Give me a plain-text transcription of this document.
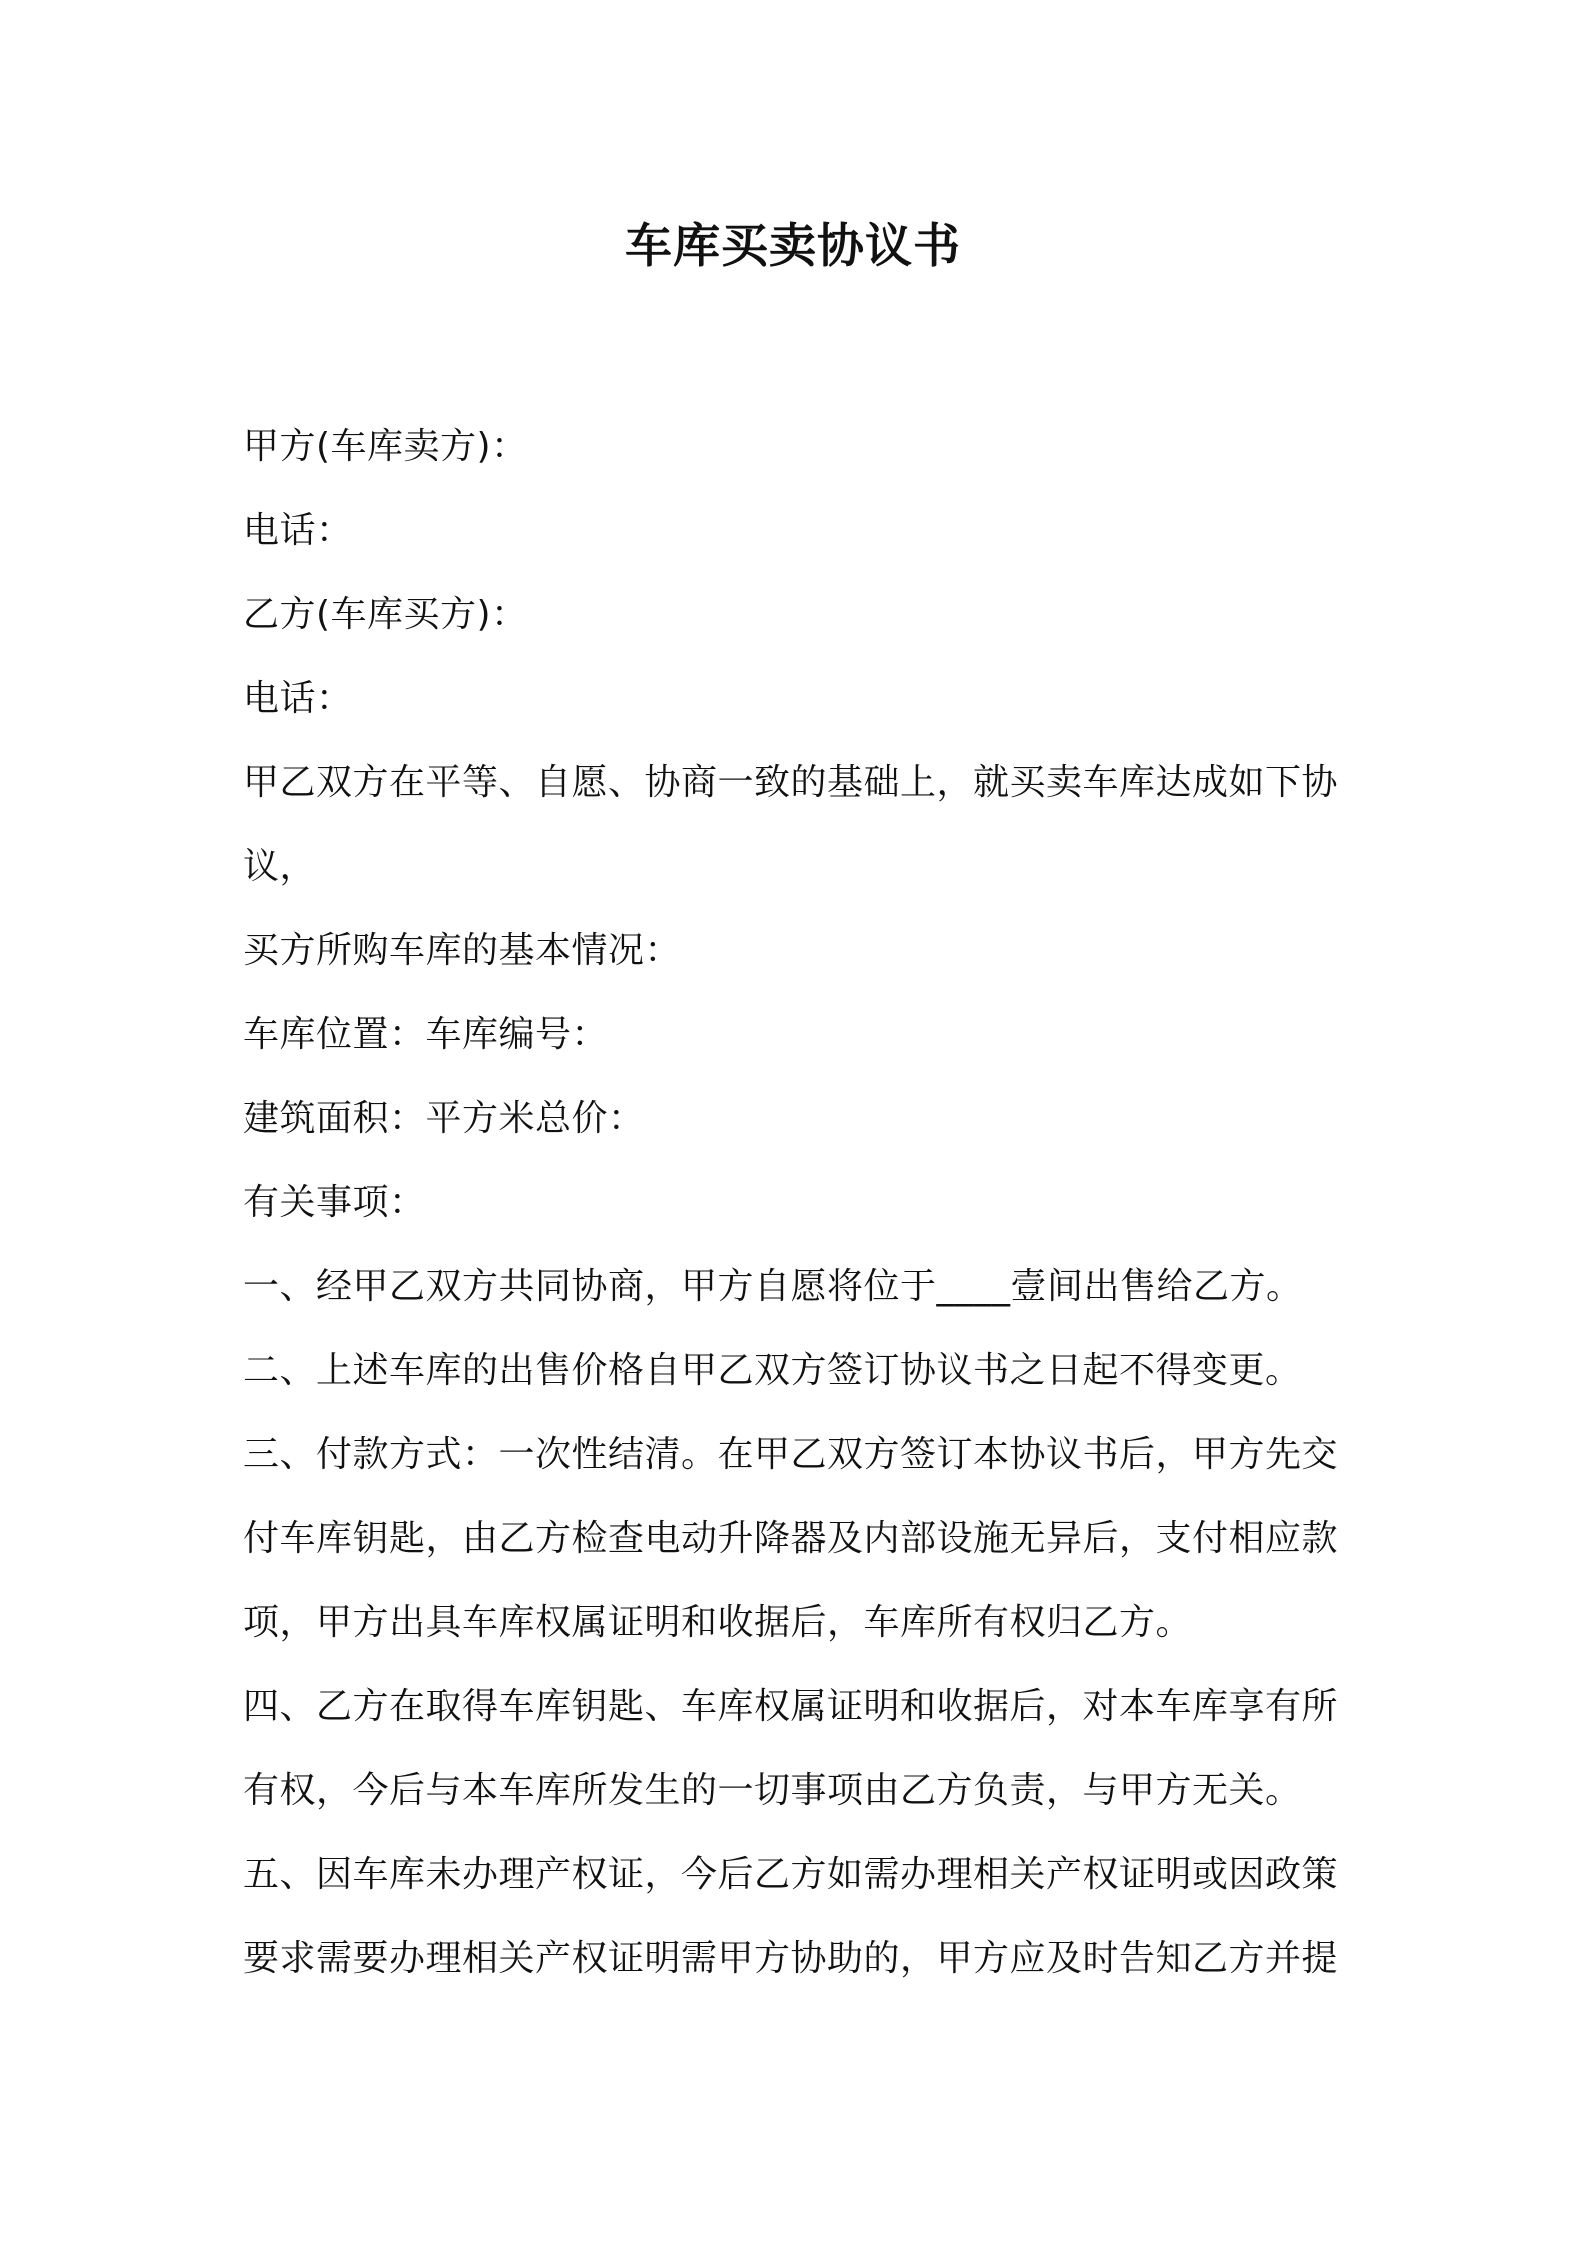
车库买卖协议书
甲方(车库卖方)：
电话：
乙方(车库买方)：
电话：
甲乙双方在平等、自愿、协商一致的基础上，就买卖车库达成如下协
议，
买方所购车库的基本情况：
车库位置：车库编号：
建筑面积：平方米总价：
有关事项：
一、经甲乙双方共同协商，甲方自愿将位于____壹间出售给乙方。
二、上述车库的出售价格自甲乙双方签订协议书之日起不得变更。
三、付款方式：一次性结清。在甲乙双方签订本协议书后，甲方先交
付车库钥匙，由乙方检查电动升降器及内部设施无异后，支付相应款
项，甲方出具车库权属证明和收据后，车库所有权归乙方。
四、乙方在取得车库钥匙、车库权属证明和收据后，对本车库享有所
有权，今后与本车库所发生的一切事项由乙方负责，与甲方无关。
五、因车库未办理产权证，今后乙方如需办理相关产权证明或因政策
要求需要办理相关产权证明需甲方协助的，甲方应及时告知乙方并提
